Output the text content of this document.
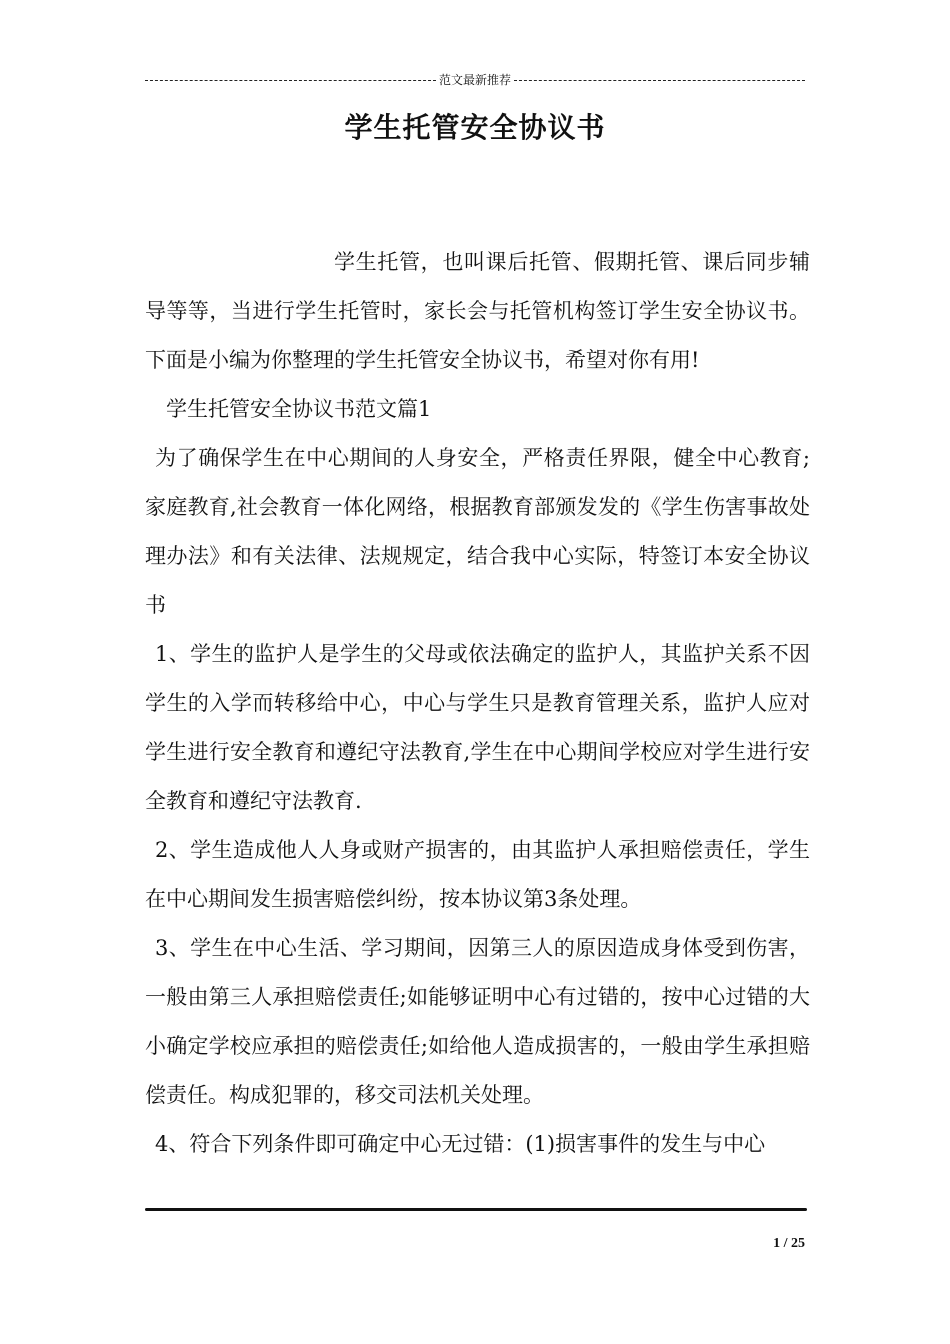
范文最新推荐
学生托管安全协议书

学生托管，也叫课后托管、假期托管、课后同步辅导等等，当进行学生托管时，家长会与托管机构签订学生安全协议书。下面是小编为你整理的学生托管安全协议书，希望对你有用!

学生托管安全协议书范文篇1

为了确保学生在中心期间的人身安全，严格责任界限，健全中心教育; 家庭教育,社会教育一体化网络，根据教育部颁发发的《学生伤害事故处理办法》和有关法律、法规规定，结合我中心实际，特签订本安全协议书

1、学生的监护人是学生的父母或依法确定的监护人，其监护关系不因学生的入学而转移给中心，中心与学生只是教育管理关系，监护人应对学生进行安全教育和遵纪守法教育,学生在中心期间学校应对学生进行安全教育和遵纪守法教育.

2、学生造成他人人身或财产损害的，由其监护人承担赔偿责任，学生在中心期间发生损害赔偿纠纷，按本协议第3条处理。

3、学生在中心生活、学习期间，因第三人的原因造成身体受到伤害，一般由第三人承担赔偿责任;如能够证明中心有过错的，按中心过错的大小确定学校应承担的赔偿责任;如给他人造成损害的，一般由学生承担赔偿责任。构成犯罪的，移交司法机关处理。

4、符合下列条件即可确定中心无过错：(1)损害事件的发生与中心

1 / 25
